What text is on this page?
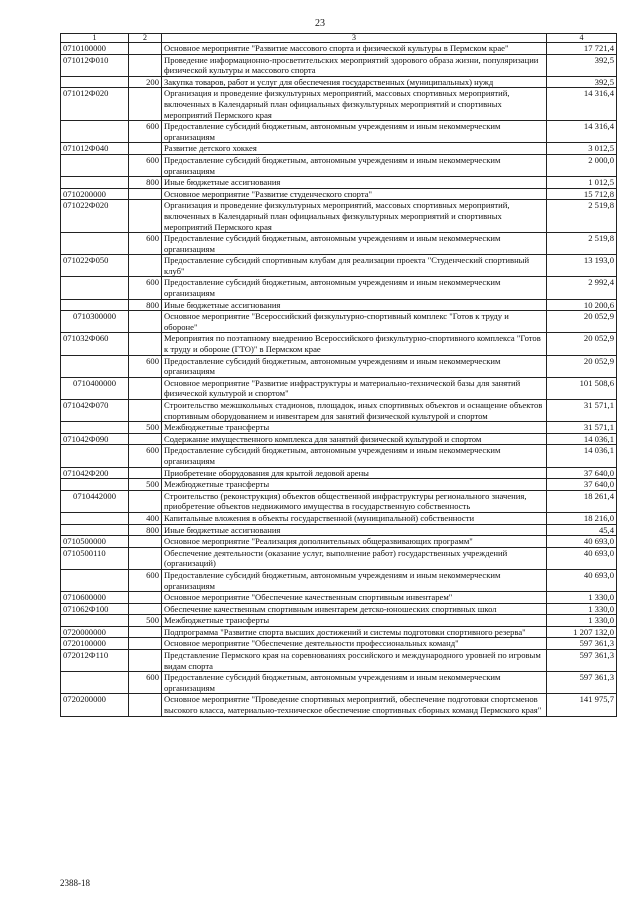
23
1	2	3	4
0710100000		Основное мероприятие "Развитие массового спорта и физической культуры в Пермском крае"	17 721,4
071012Ф010		Проведение информационно-просветительских мероприятий здорового образа жизни, популяризации физической культуры и массового спорта	392,5
	200	Закупка товаров, работ и услуг для обеспечения государственных (муниципальных) нужд	392,5
071012Ф020		Организация и проведение физкультурных мероприятий, массовых спортивных мероприятий, включенных в Календарный план официальных физкультурных мероприятий и спортивных мероприятий Пермского края	14 316,4
	600	Предоставление субсидий бюджетным, автономным учреждениям и иным некоммерческим организациям	14 316,4
071012Ф040		Развитие детского хоккея	3 012,5
	600	Предоставление субсидий бюджетным, автономным учреждениям и иным некоммерческим организациям	2 000,0
	800	Иные бюджетные ассигнования	1 012,5
0710200000		Основное мероприятие "Развитие студенческого спорта"	15 712,8
071022Ф020		Организация и проведение физкультурных мероприятий, массовых спортивных мероприятий, включенных в Календарный план официальных физкультурных мероприятий и спортивных мероприятий Пермского края	2 519,8
	600	Предоставление субсидий бюджетным, автономным учреждениям и иным некоммерческим организациям	2 519,8
071022Ф050		Предоставление субсидий спортивным клубам для реализации проекта "Студенческий спортивный клуб"	13 193,0
	600	Предоставление субсидий бюджетным, автономным учреждениям и иным некоммерческим организациям	2 992,4
	800	Иные бюджетные ассигнования	10 200,6
0710300000		Основное мероприятие "Всероссийский физкультурно-спортивный комплекс "Готов к труду и обороне"	20 052,9
071032Ф060		Мероприятия по поэтапному внедрению Всероссийского физкультурно-спортивного комплекса "Готов к труду и обороне (ГТО)" в Пермском крае	20 052,9
	600	Предоставление субсидий бюджетным, автономным учреждениям и иным некоммерческим организациям	20 052,9
0710400000		Основное мероприятие "Развитие инфраструктуры и материально-технической базы для занятий физической культурой и спортом"	101 508,6
071042Ф070		Строительство межшкольных стадионов, площадок, иных спортивных объектов и оснащение объектов спортивным оборудованием и инвентарем для занятий физической культурой и спортом	31 571,1
	500	Межбюджетные трансферты	31 571,1
071042Ф090		Содержание имущественного комплекса для занятий физической культурой и спортом	14 036,1
	600	Предоставление субсидий бюджетным, автономным учреждениям и иным некоммерческим организациям	14 036,1
071042Ф200		Приобретение оборудования для крытой ледовой арены	37 640,0
	500	Межбюджетные трансферты	37 640,0
0710442000		Строительство (реконструкция) объектов общественной инфраструктуры регионального значения, приобретение объектов недвижимого имущества в государственную собственность	18 261,4
	400	Капитальные вложения в объекты государственной (муниципальной) собственности	18 216,0
	800	Иные бюджетные ассигнования	45,4
0710500000		Основное мероприятие "Реализация дополнительных общеразвивающих программ"	40 693,0
0710500110		Обеспечение деятельности (оказание услуг, выполнение работ) государственных учреждений (организаций)	40 693,0
	600	Предоставление субсидий бюджетным, автономным учреждениям и иным некоммерческим организациям	40 693,0
0710600000		Основное мероприятие "Обеспечение качественным спортивным инвентарем"	1 330,0
071062Ф100		Обеспечение качественным спортивным инвентарем детско-юношеских спортивных школ	1 330,0
	500	Межбюджетные трансферты	1 330,0
0720000000		Подпрограмма "Развитие спорта высших достижений и системы подготовки спортивного резерва"	1 207 132,0
0720100000		Основное мероприятие "Обеспечение деятельности профессиональных команд"	597 361,3
072012Ф110		Представление Пермского края на соревнованиях российского и международного уровней по игровым видам спорта	597 361,3
	600	Предоставление субсидий бюджетным, автономным учреждениям и иным некоммерческим организациям	597 361,3
0720200000		Основное мероприятие "Проведение спортивных мероприятий, обеспечение подготовки спортсменов высокого класса, материально-техническое обеспечение спортивных сборных команд Пермского края"	141 975,7
2388-18
